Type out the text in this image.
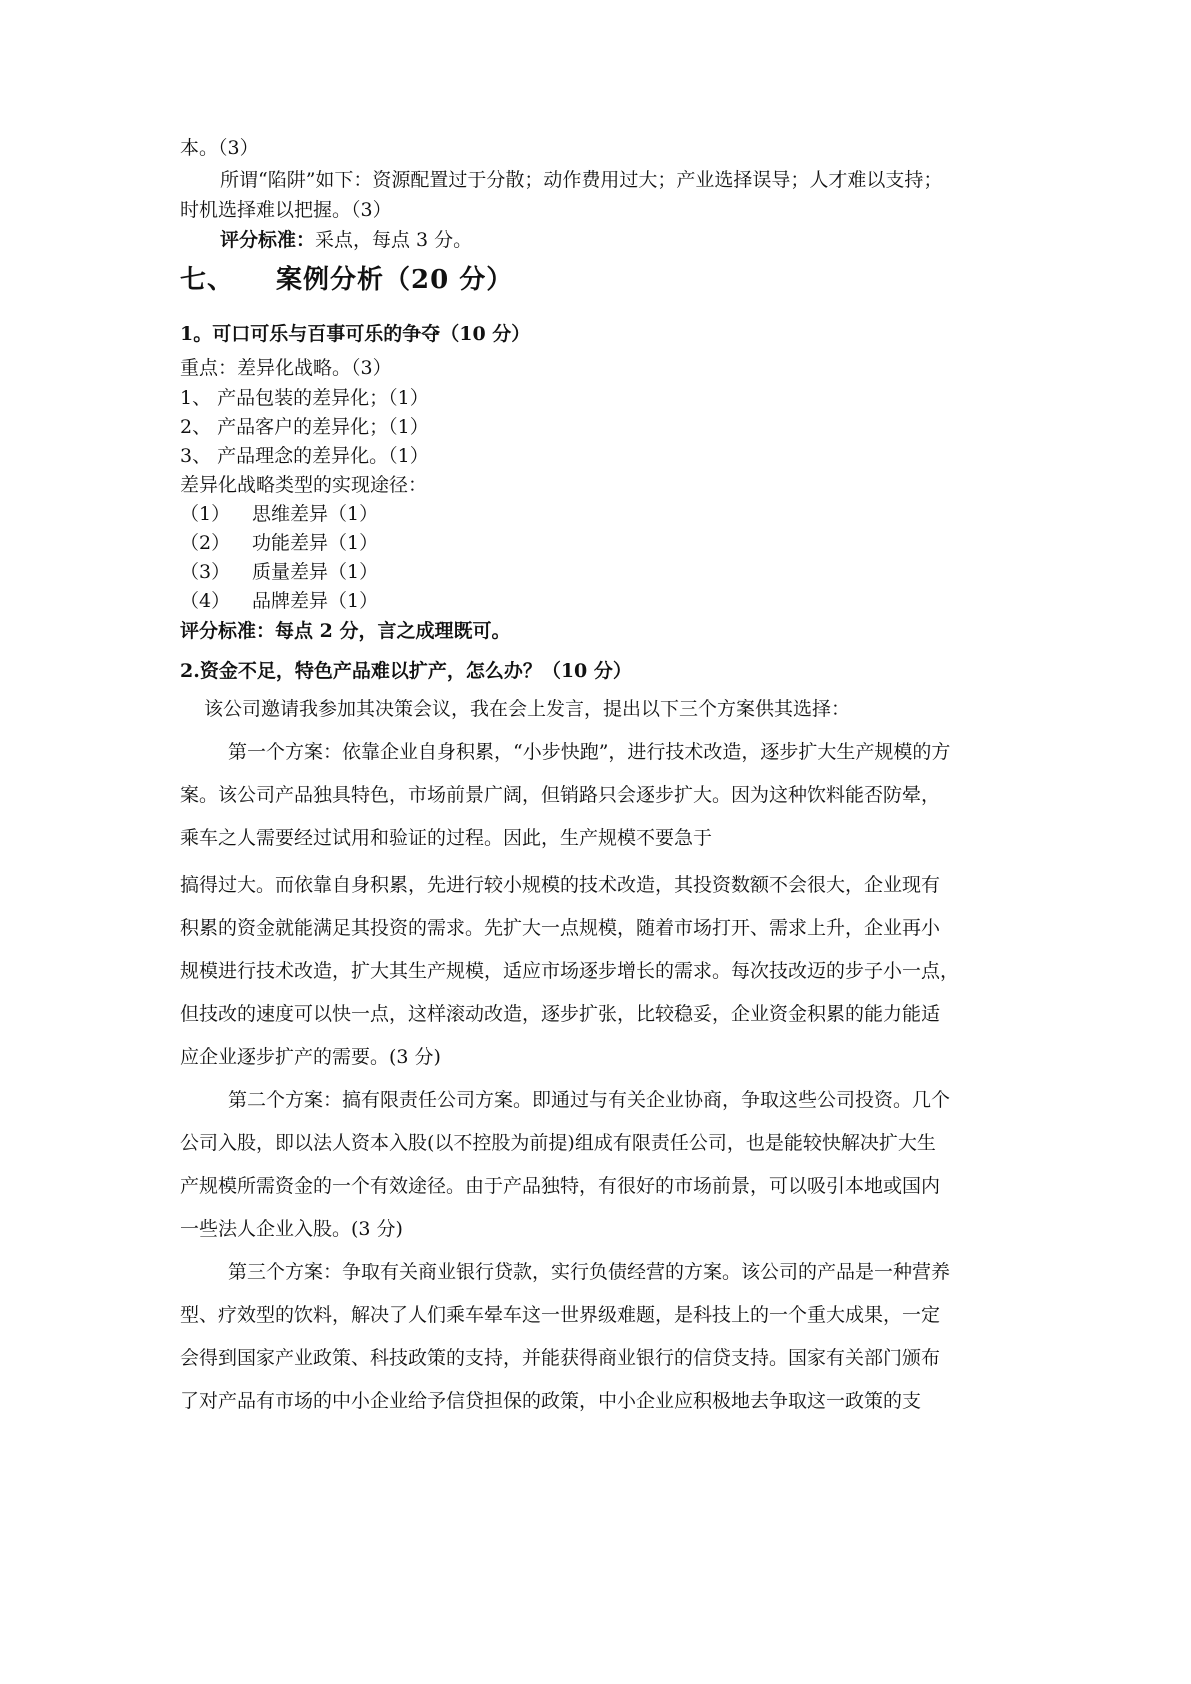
本。（3）
所谓“陷阱”如下：资源配置过于分散；动作费用过大；产业选择误导；人才难以支持；
时机选择难以把握。（3）
评分标准：采点，每点 3 分。
七、 案例分析（20 分）
1。可口可乐与百事可乐的争夺（10 分）
重点：差异化战略。（3）
1、 产品包装的差异化；（1）
2、 产品客户的差异化；（1）
3、 产品理念的差异化。（1）
差异化战略类型的实现途径：
（1） 思维差异（1）
（2） 功能差异（1）
（3） 质量差异（1）
（4） 品牌差异（1）
评分标准：每点 2 分，言之成理既可。
2.资金不足，特色产品难以扩产，怎么办？（10 分）
该公司邀请我参加其决策会议，我在会上发言，提出以下三个方案供其选择：
第一个方案：依靠企业自身积累，“小步快跑”，进行技术改造，逐步扩大生产规模的方
案。该公司产品独具特色，市场前景广阔，但销路只会逐步扩大。因为这种饮料能否防晕，
乘车之人需要经过试用和验证的过程。因此，生产规模不要急于
搞得过大。而依靠自身积累，先进行较小规模的技术改造，其投资数额不会很大，企业现有
积累的资金就能满足其投资的需求。先扩大一点规模，随着市场打开、需求上升，企业再小
规模进行技术改造，扩大其生产规模，适应市场逐步增长的需求。每次技改迈的步子小一点，
但技改的速度可以快一点，这样滚动改造，逐步扩张，比较稳妥，企业资金积累的能力能适
应企业逐步扩产的需要。(3 分)
第二个方案：搞有限责任公司方案。即通过与有关企业协商，争取这些公司投资。几个
公司入股，即以法人资本入股(以不控股为前提)组成有限责任公司，也是能较快解决扩大生
产规模所需资金的一个有效途径。由于产品独特，有很好的市场前景，可以吸引本地或国内
一些法人企业入股。(3 分)
第三个方案：争取有关商业银行贷款，实行负债经营的方案。该公司的产品是一种营养
型、疗效型的饮料，解决了人们乘车晕车这一世界级难题，是科技上的一个重大成果，一定
会得到国家产业政策、科技政策的支持，并能获得商业银行的信贷支持。国家有关部门颁布
了对产品有市场的中小企业给予信贷担保的政策，中小企业应积极地去争取这一政策的支
